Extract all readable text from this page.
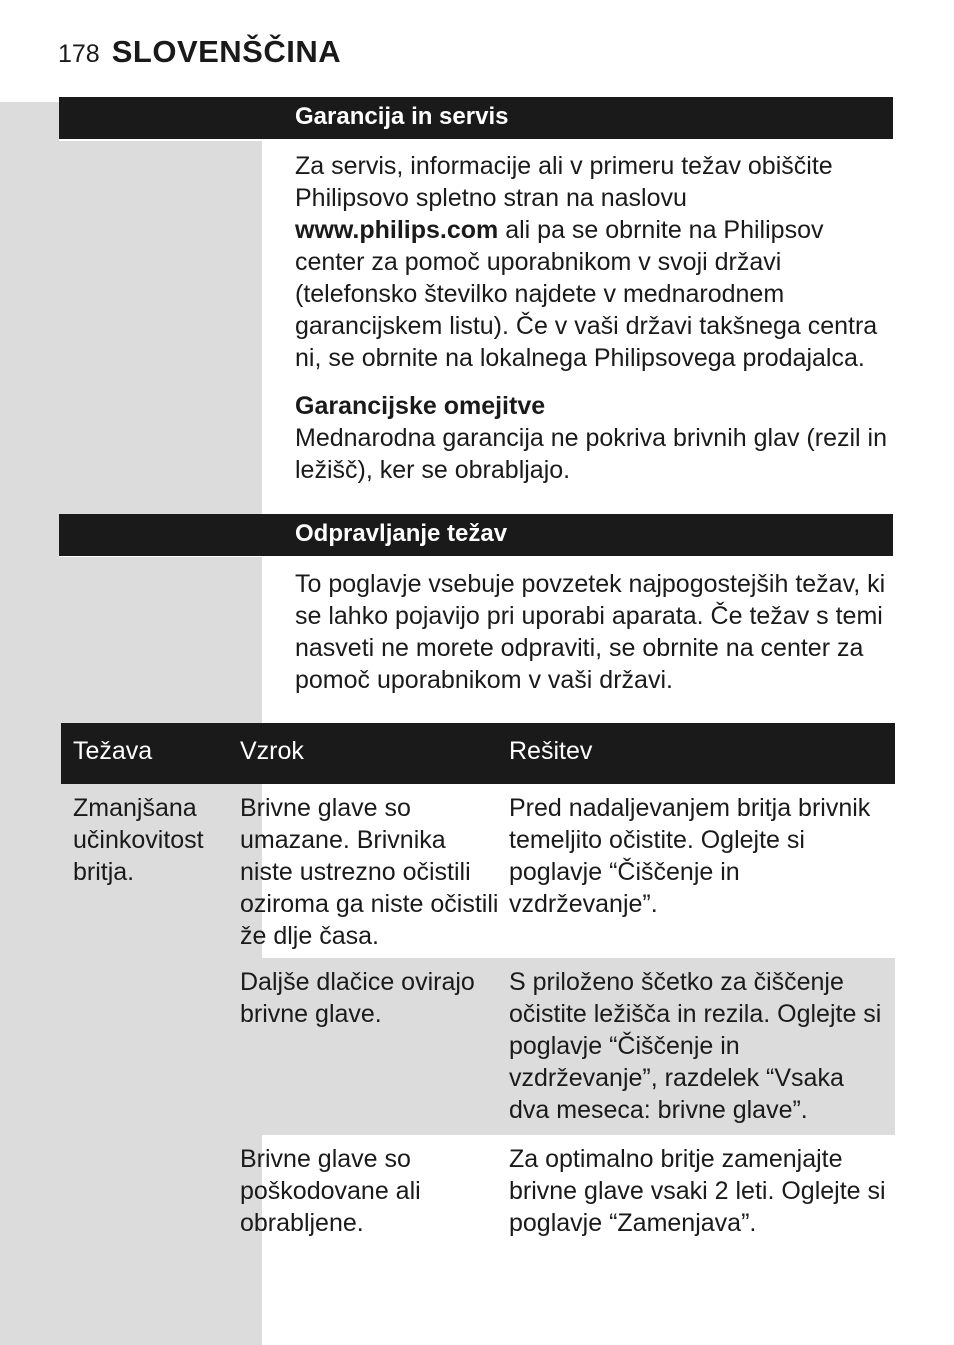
178 SLOVENŠČINA
Garancija in servis

Za servis, informacije ali v primeru težav obiščite Philipsovo spletno stran na naslovu www.philips.com ali pa se obrnite na Philipsov center za pomoč uporabnikom v svoji državi (telefonsko številko najdete v mednarodnem garancijskem listu). Če v vaši državi takšnega centra ni, se obrnite na lokalnega Philipsovega prodajalca.

Garancijske omejitve

Mednarodna garancija ne pokriva brivnih glav (rezil in ležišč), ker se obrabljajo.

Odpravljanje težav

To poglavje vsebuje povzetek najpogostejših težav, ki se lahko pojavijo pri uporabi aparata. Če težav s temi nasveti ne morete odpraviti, se obrnite na center za pomoč uporabnikom v vaši državi.

Težava	Vzrok	Rešitev
Zmanjšana učinkovitost britja.
Brivne glave so umazane. Brivnika niste ustrezno očistili oziroma ga niste očistili že dlje časa.
Pred nadaljevanjem britja brivnik temeljito očistite. Oglejte si poglavje “Čiščenje in vzdrževanje”.
Daljše dlačice ovirajo brivne glave.
S priloženo ščetko za čiščenje očistite ležišča in rezila. Oglejte si poglavje “Čiščenje in vzdrževanje”, razdelek “Vsaka dva meseca: brivne glave”.
Brivne glave so poškodovane ali obrabljene.
Za optimalno britje zamenjajte brivne glave vsaki 2 leti. Oglejte si poglavje “Zamenjava”.
